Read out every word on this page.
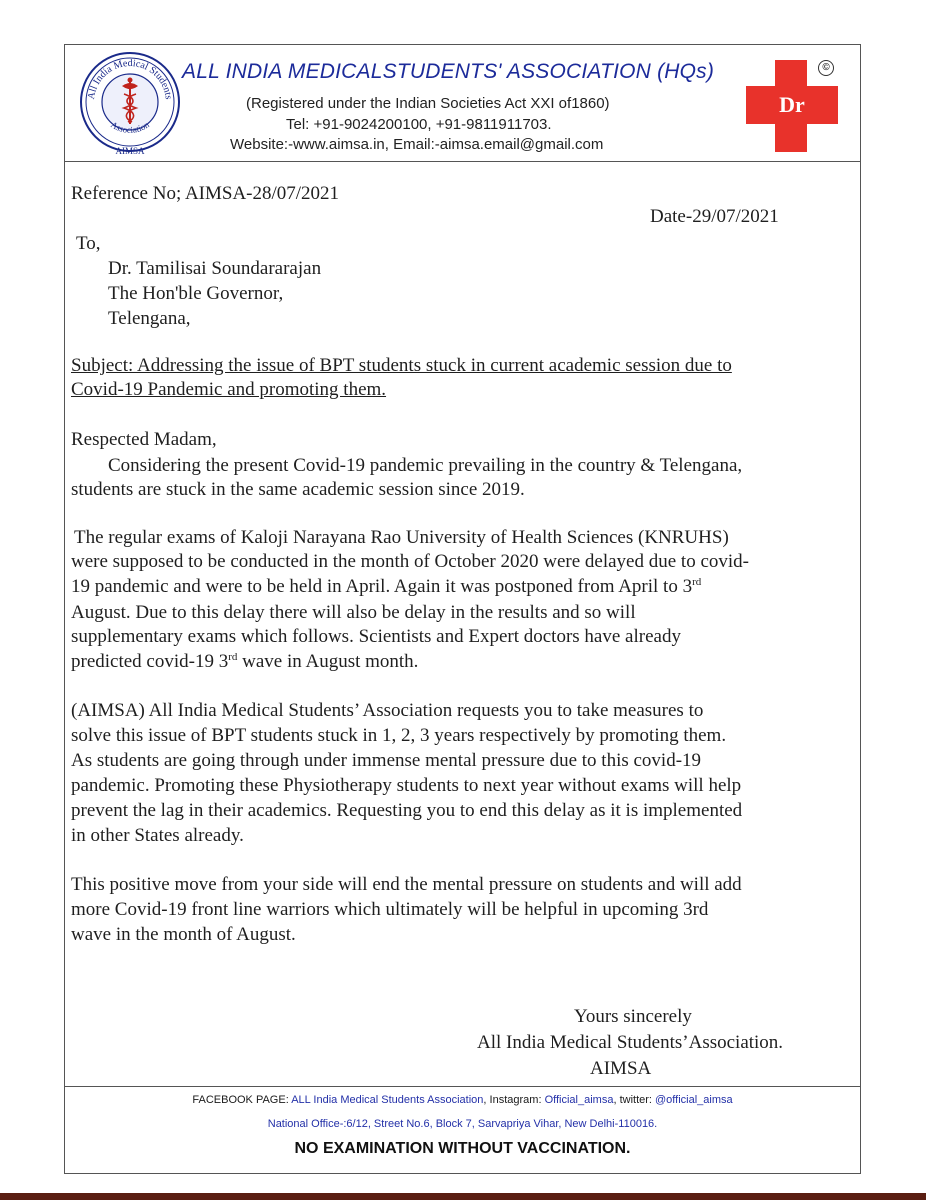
All India Medical Students
Association
AIMSA
ALL INDIA MEDICALSTUDENTS' ASSOCIATION (HQs)
(Registered under the Indian Societies Act XXI of1860)
Tel: +91-9024200100, +91-9811911703.
Website:-www.aimsa.in, Email:-aimsa.email@gmail.com
Dr
©
Reference No; AIMSA-28/07/2021
Date-29/07/2021
To,
Dr. Tamilisai Soundararajan
The Hon'ble Governor,
Telengana,
Subject: Addressing the issue of BPT students stuck in current academic session due to
Covid-19 Pandemic and promoting them.
Respected Madam,
Considering the present Covid-19 pandemic prevailing in the country & Telengana,
students are stuck in the same academic session since 2019.
The regular exams of Kaloji Narayana Rao University of Health Sciences (KNRUHS)
were supposed to be conducted in the month of October 2020 were delayed due to covid-
19 pandemic and were to be held in April. Again it was postponed from April to 3rd
August. Due to this delay there will also be delay in the results and so will
supplementary exams which follows. Scientists and Expert doctors have already
predicted covid-19 3rd wave in August month.
(AIMSA) All India Medical Students’ Association requests you to take measures to
solve this issue of BPT students stuck in 1, 2, 3 years respectively by promoting them.
As students are going through under immense mental pressure due to this covid-19
pandemic. Promoting these Physiotherapy students to next year without exams will help
prevent the lag in their academics. Requesting you to end this delay as it is implemented
in other States already.
This positive move from your side will end the mental pressure on students and will add
more Covid-19 front line warriors which ultimately will be helpful in upcoming 3rd
wave in the month of August.
Yours sincerely
All India Medical Students’Association.
AIMSA
FACEBOOK PAGE: ALL India Medical Students Association, Instagram: Official_aimsa, twitter: @official_aimsa
National Office-:6/12, Street No.6, Block 7, Sarvapriya Vihar, New Delhi-110016.
NO EXAMINATION WITHOUT VACCINATION.
